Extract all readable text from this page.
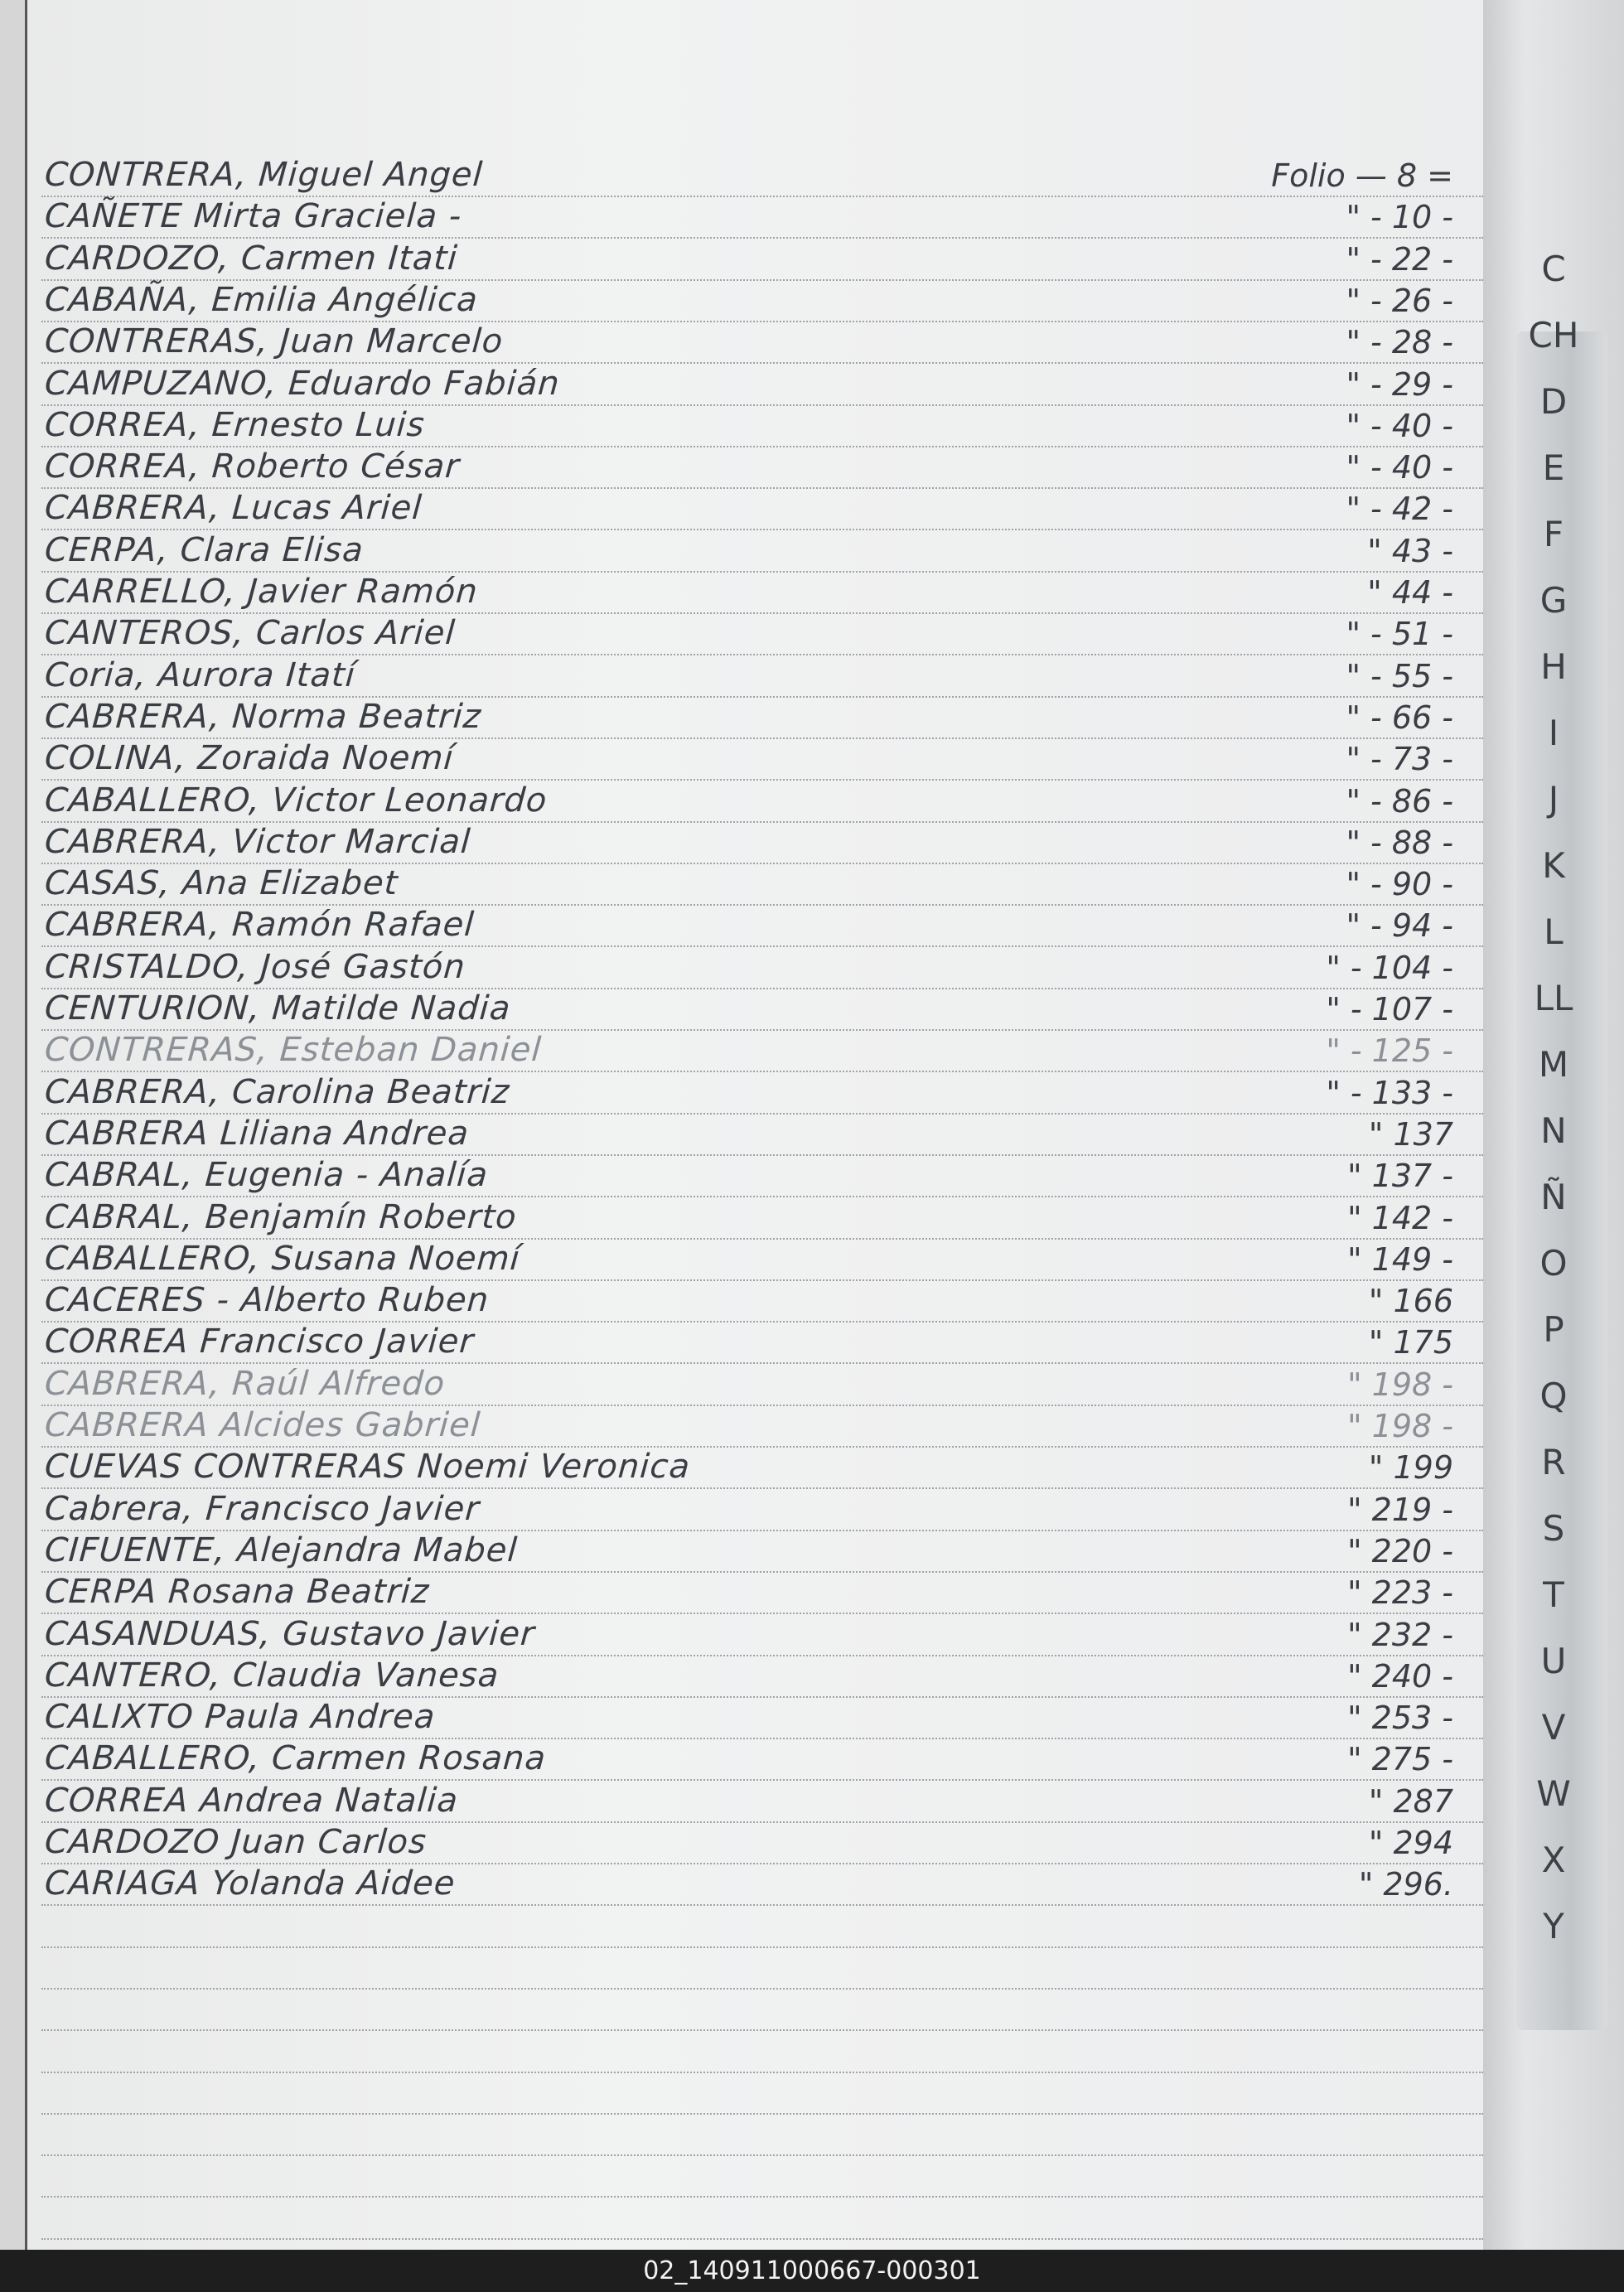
CONTRERA, Miguel Angel	Folio — 8 =
CAÑETE Mirta Graciela -	" - 10 -
CARDOZO, Carmen Itati	" - 22 -
CABAÑA, Emilia Angélica	" - 26 -
CONTRERAS, Juan Marcelo	" - 28 -
CAMPUZANO, Eduardo Fabián	" - 29 -
CORREA, Ernesto Luis	" - 40 -
CORREA, Roberto César	" - 40 -
CABRERA, Lucas Ariel	" - 42 -
CERPA, Clara Elisa	" 43 -
CARRELLO, Javier Ramón	" 44 -
CANTEROS, Carlos Ariel	" - 51 -
Coria, Aurora Itatí	" - 55 -
CABRERA, Norma Beatriz	" - 66 -
COLINA, Zoraida Noemí	" - 73 -
CABALLERO, Victor Leonardo	" - 86 -
CABRERA, Victor Marcial	" - 88 -
CASAS, Ana Elizabet	" - 90 -
CABRERA, Ramón Rafael	" - 94 -
CRISTALDO, José Gastón	" - 104 -
CENTURION, Matilde Nadia	" - 107 -
CONTRERAS, Esteban Daniel	" - 125 -
CABRERA, Carolina Beatriz	" - 133 -
CABRERA Liliana Andrea	" 137
CABRAL, Eugenia - Analía	" 137 -
CABRAL, Benjamín Roberto	" 142 -
CABALLERO, Susana Noemí	" 149 -
CACERES - Alberto Ruben	" 166
CORREA Francisco Javier	" 175
CABRERA, Raúl Alfredo	" 198 -
CABRERA Alcides Gabriel	" 198 -
CUEVAS CONTRERAS Noemi Veronica	" 199
Cabrera, Francisco Javier	" 219 -
CIFUENTE, Alejandra Mabel	" 220 -
CERPA Rosana Beatriz	" 223 -
CASANDUAS, Gustavo Javier	" 232 -
CANTERO, Claudia Vanesa	" 240 -
CALIXTO Paula Andrea	" 253 -
CABALLERO, Carmen Rosana	" 275 -
CORREA Andrea Natalia	" 287
CARDOZO Juan Carlos	" 294
CARIAGA Yolanda Aidee	" 296.
C
CH
D
E
F
G
H
I
J
K
L
LL
M
N
Ñ
O
P
Q
R
S
T
U
V
W
X
Y
02_140911000667-000301
